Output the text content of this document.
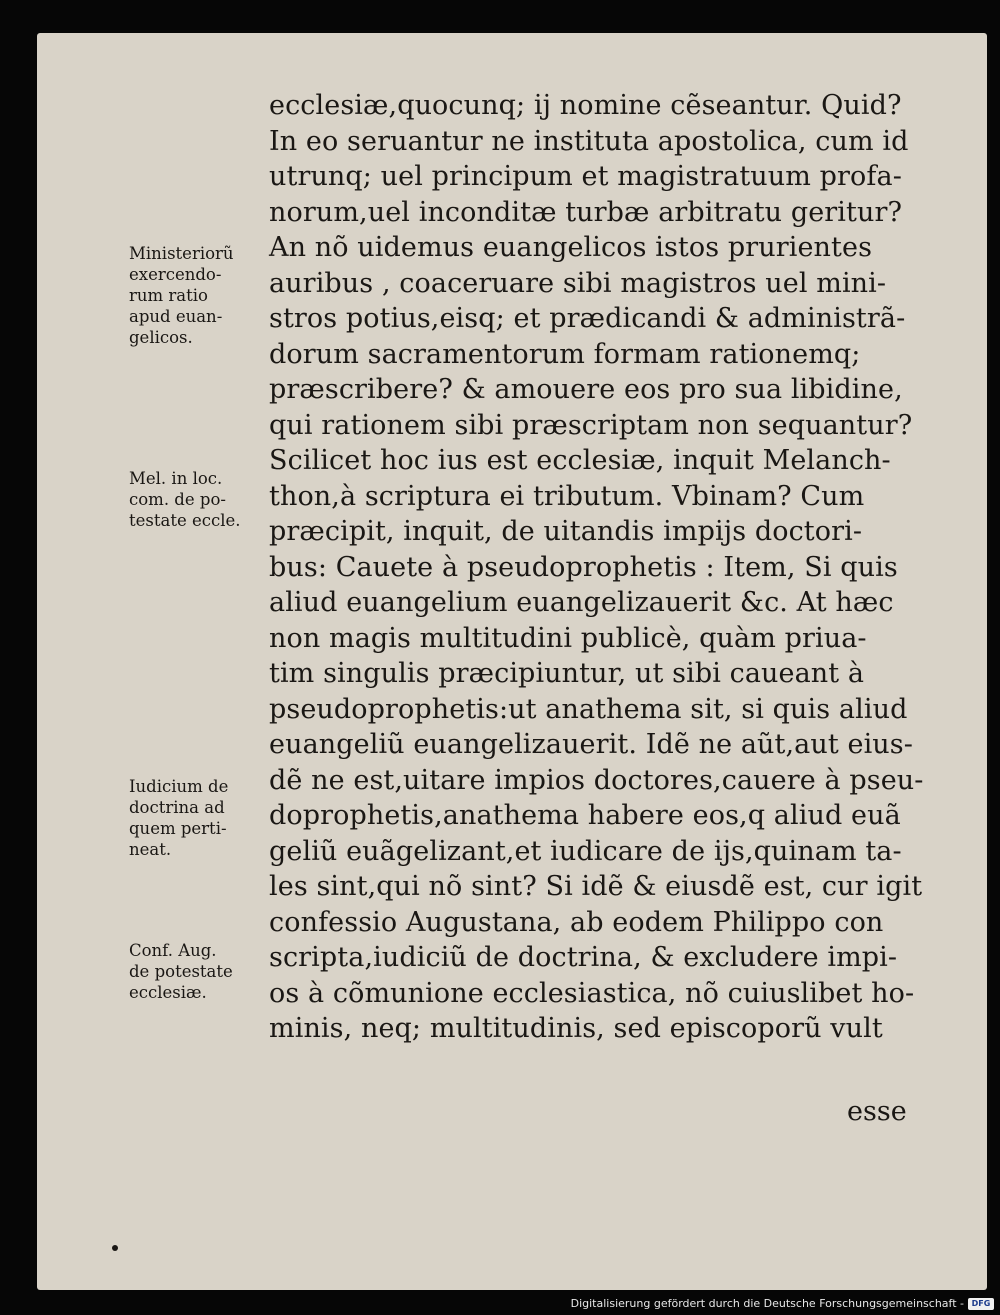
ecclesiæ,quocunq; ij nomine cẽseantur. Quid?
In eo seruantur ne instituta apostolica, cum id
utrunq; uel principum et magistratuum profa-
norum,uel inconditæ turbæ arbitratu geritur?
An nõ uidemus euangelicos istos prurientes
auribus , coaceruare sibi magistros uel mini-
stros potius,eisq; et prædicandi & administrã-
dorum sacramentorum formam rationemq;
præscribere? & amouere eos pro sua libidine,
qui rationem sibi præscriptam non sequantur?
Scilicet hoc ius est ecclesiæ, inquit Melanch-
thon,à scriptura ei tributum. Vbinam? Cum
præcipit, inquit, de uitandis impijs doctori-
bus: Cauete à pseudoprophetis : Item, Si quis
aliud euangelium euangelizauerit &c. At hæc
non magis multitudini publicè, quàm priua-
tim singulis præcipiuntur, ut sibi caueant à
pseudoprophetis:ut anathema sit, si quis aliud
euangeliũ euangelizauerit. Idẽ ne aũt,aut eius-
dẽ ne est,uitare impios doctores,cauere à pseu-
doprophetis,anathema habere eos,q aliud euã
geliũ euãgelizant,et iudicare de ijs,quinam ta-
les sint,qui nõ sint? Si idẽ & eiusdẽ est, cur igit
confessio Augustana, ab eodem Philippo con
scripta,iudiciũ de doctrina, & excludere impi-
os à cõmunione ecclesiastica, nõ cuiuslibet ho-
minis, neq; multitudinis, sed episcoporũ vult
esse
Ministeriorũ
exercendo-
rum ratio
apud euan-
gelicos.
Mel. in loc.
com. de po-
testate eccle.
Iudicium de
doctrina ad
quem perti-
neat.
Conf. Aug.
de potestate
ecclesiæ.
Digitalisierung gefördert durch die Deutsche Forschungsgemeinschaft - DFG
